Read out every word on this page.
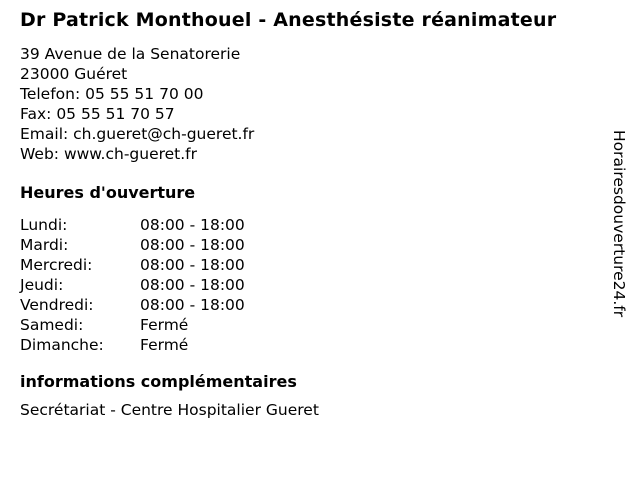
Dr Patrick Monthouel - Anesthésiste réanimateur
39 Avenue de la Senatorerie
23000 Guéret
Telefon: 05 55 51 70 00
Fax: 05 55 51 70 57
Email: ch.gueret@ch-gueret.fr
Web: www.ch-gueret.fr
Heures d'ouverture
Lundi:	08:00 - 18:00
Mardi:	08:00 - 18:00
Mercredi:	08:00 - 18:00
Jeudi:	08:00 - 18:00
Vendredi:	08:00 - 18:00
Samedi:	Fermé
Dimanche:	Fermé
informations complémentaires
Secrétariat - Centre Hospitalier Gueret
Horairesdouverture24.fr
